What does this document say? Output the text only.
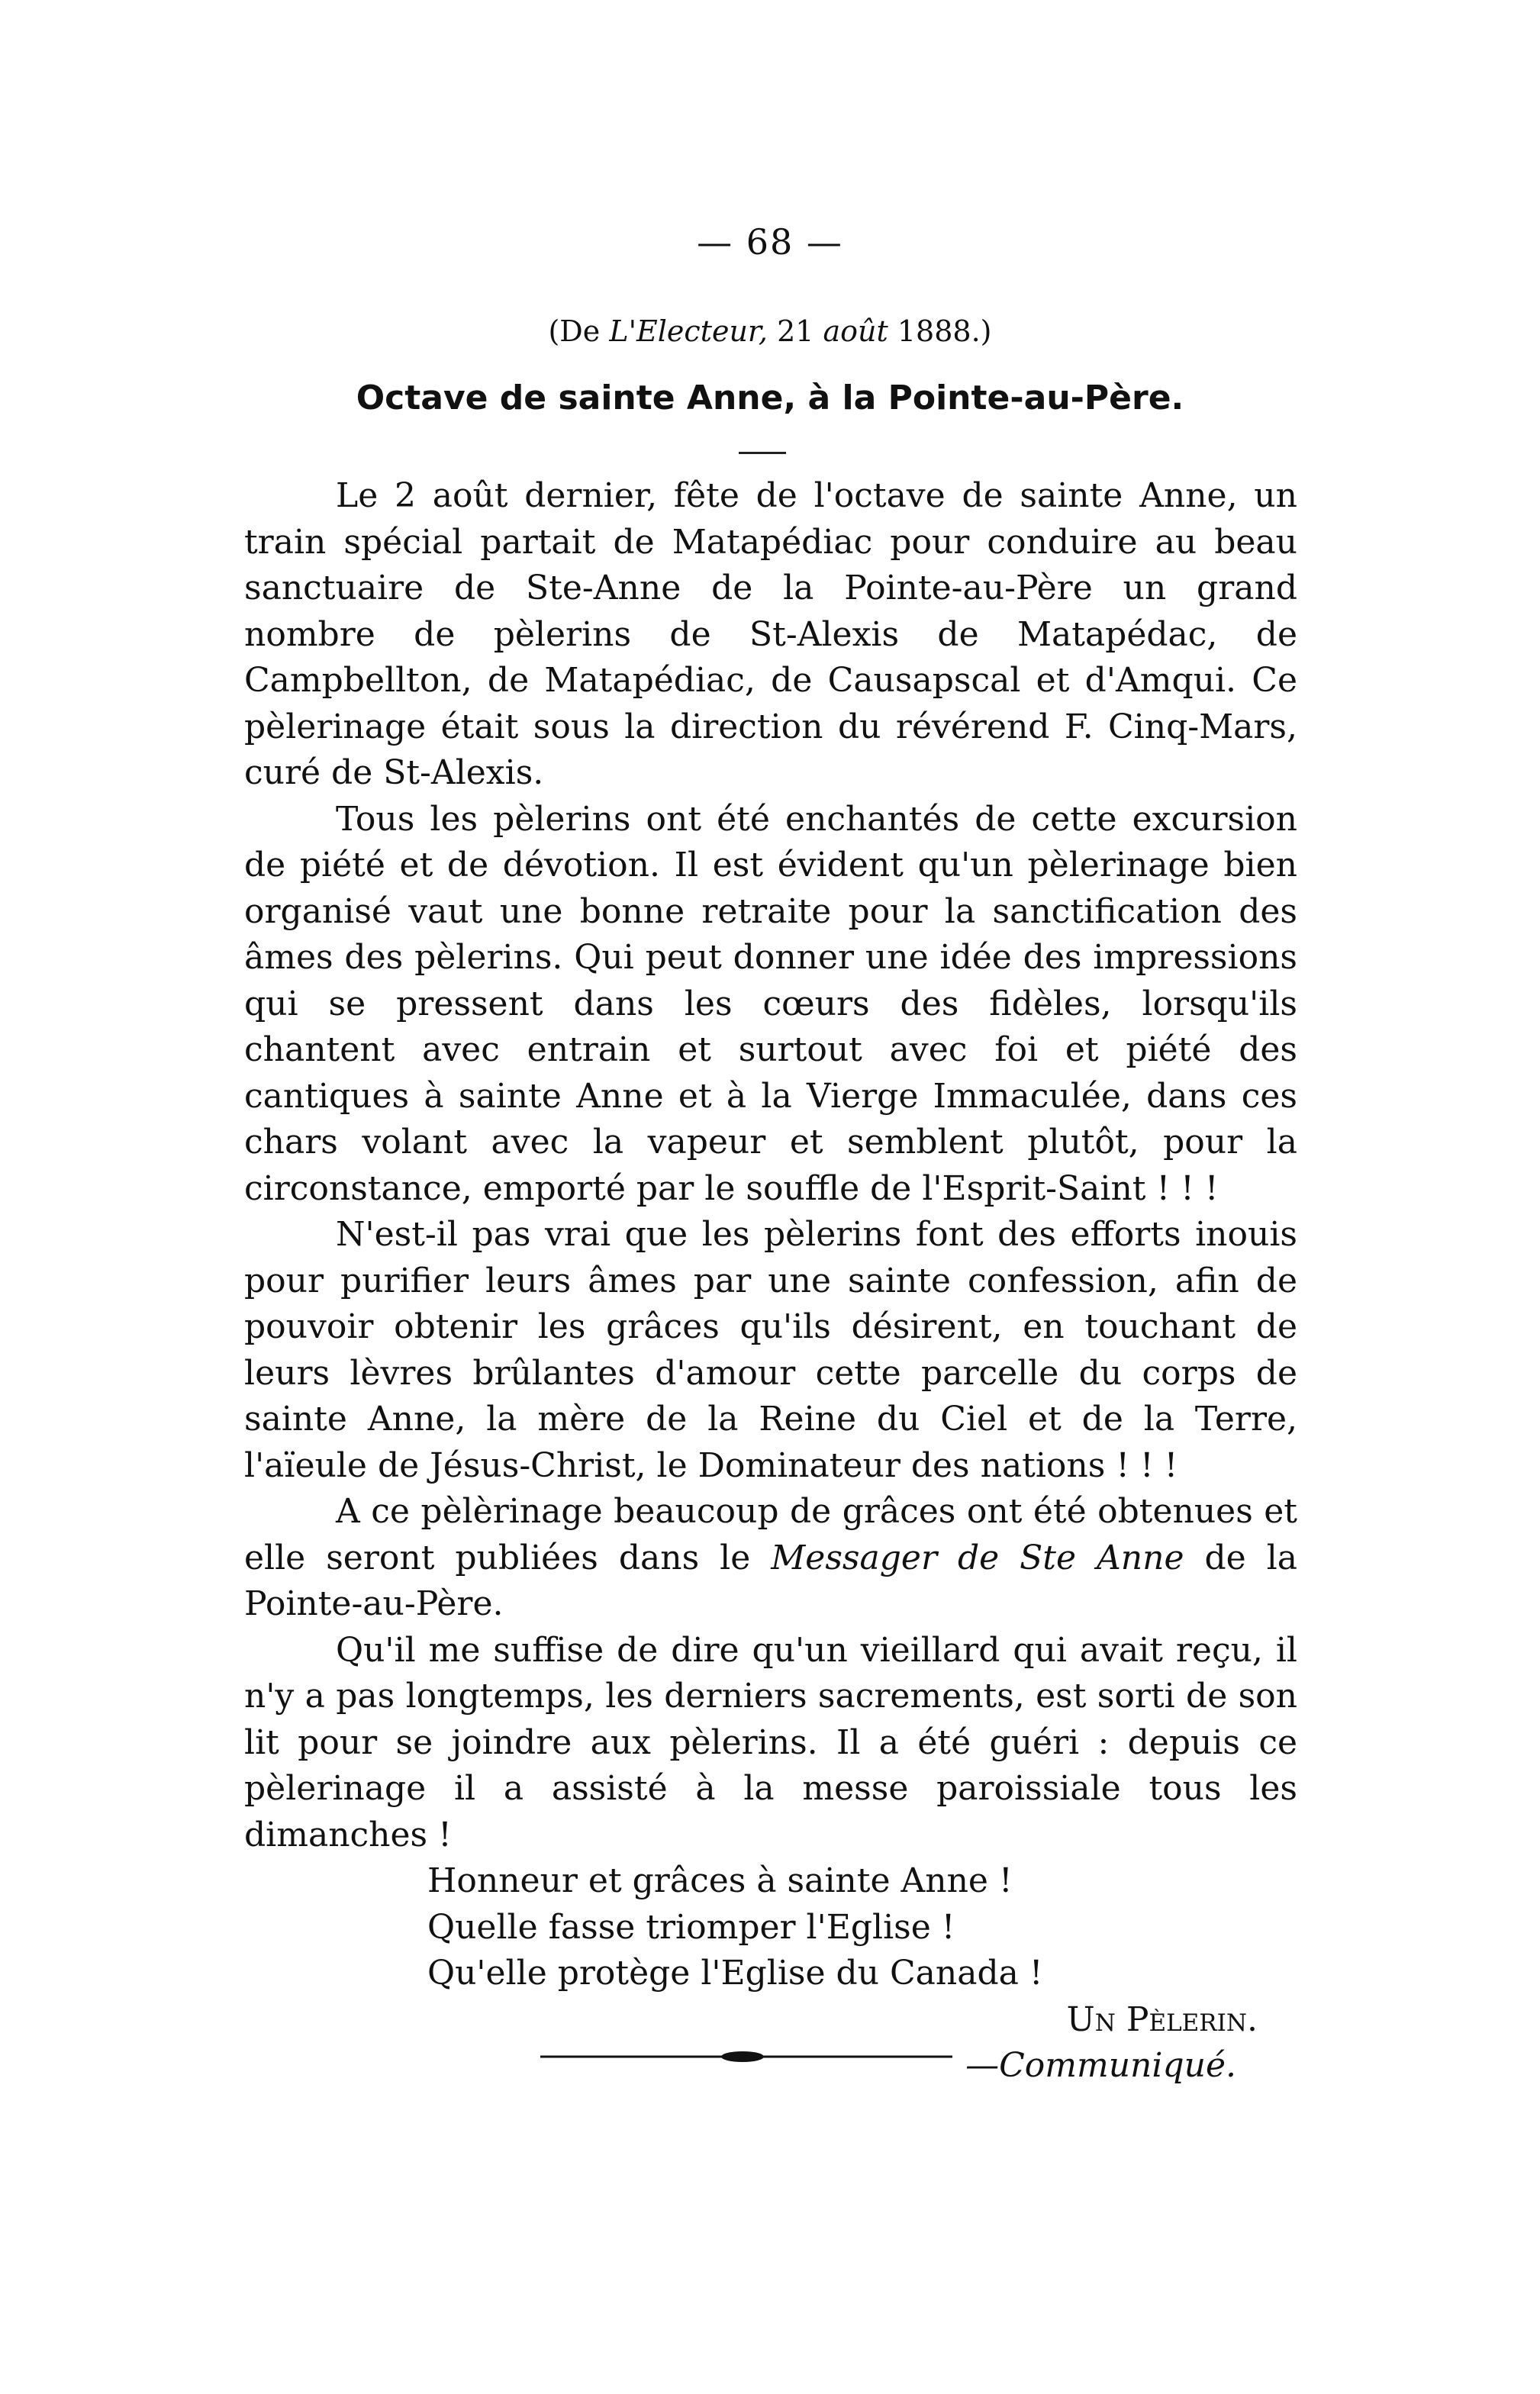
— 68 —
(De L'Electeur, 21 août 1888.)
Octave de sainte Anne, à la Pointe-au-Père.

Le 2 août dernier, fête de l'octave de sainte Anne, un train spécial partait de Matapédiac pour conduire au beau sanctuaire de Ste-Anne de la Pointe-au-Père un grand nombre de pèlerins de St-Alexis de Matapédac, de Campbellton, de Matapédiac, de Causapscal et d'Amqui. Ce pèlerinage était sous la direction du révérend F. Cinq-Mars, curé de St-Alexis.

Tous les pèlerins ont été enchantés de cette excursion de piété et de dévotion. Il est évident qu'un pèlerinage bien organisé vaut une bonne retraite pour la sanctification des âmes des pèlerins. Qui peut donner une idée des impressions qui se pressent dans les cœurs des fidèles, lorsqu'ils chantent avec entrain et surtout avec foi et piété des cantiques à sainte Anne et à la Vierge Immaculée, dans ces chars volant avec la vapeur et semblent plutôt, pour la circonstance, emporté par le souffle de l'Esprit-Saint ! ! !

N'est-il pas vrai que les pèlerins font des efforts inouis pour purifier leurs âmes par une sainte confession, afin de pouvoir obtenir les grâces qu'ils désirent, en touchant de leurs lèvres brûlantes d'amour cette parcelle du corps de sainte Anne, la mère de la Reine du Ciel et de la Terre, l'aïeule de Jésus-Christ, le Dominateur des nations ! ! !

A ce pèlèrinage beaucoup de grâces ont été obtenues et elle seront publiées dans le Messager de Ste Anne de la Pointe-au-Père.

Qu'il me suffise de dire qu'un vieillard qui avait reçu, il n'y a pas longtemps, les derniers sacrements, est sorti de son lit pour se joindre aux pèlerins. Il a été guéri : depuis ce pèlerinage il a assisté à la messe paroissiale tous les dimanches !

Honneur et grâces à sainte Anne !

Quelle fasse triomper l'Eglise !

Qu'elle protège l'Eglise du Canada !

Un Pèlerin.

—Communiqué.
